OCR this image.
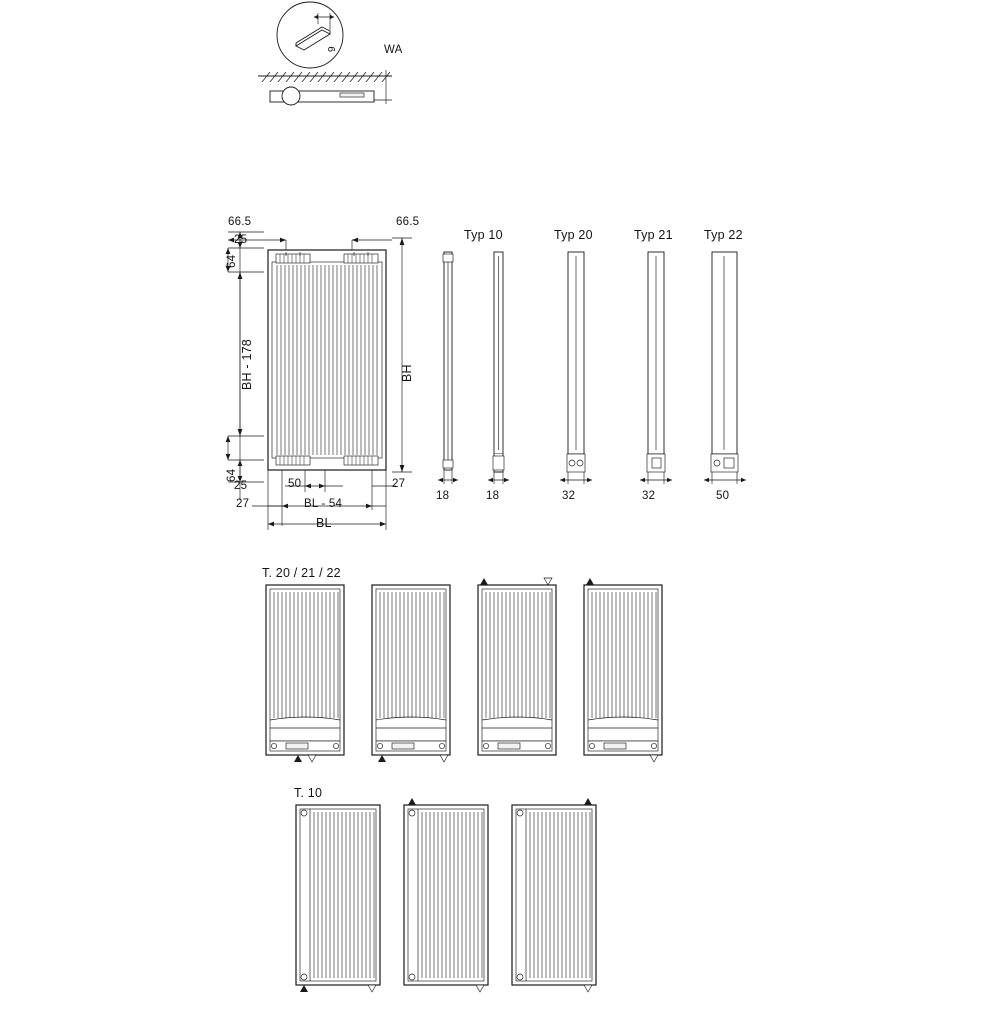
WA
9
66.5	66.5
25
64
BH - 178	BH
64
25	50	27
27	BL - 54
BL
Typ 10	Typ 20	Typ 21	Typ 22
18	18	32	32	50
T. 20 / 21 / 22
T. 10
